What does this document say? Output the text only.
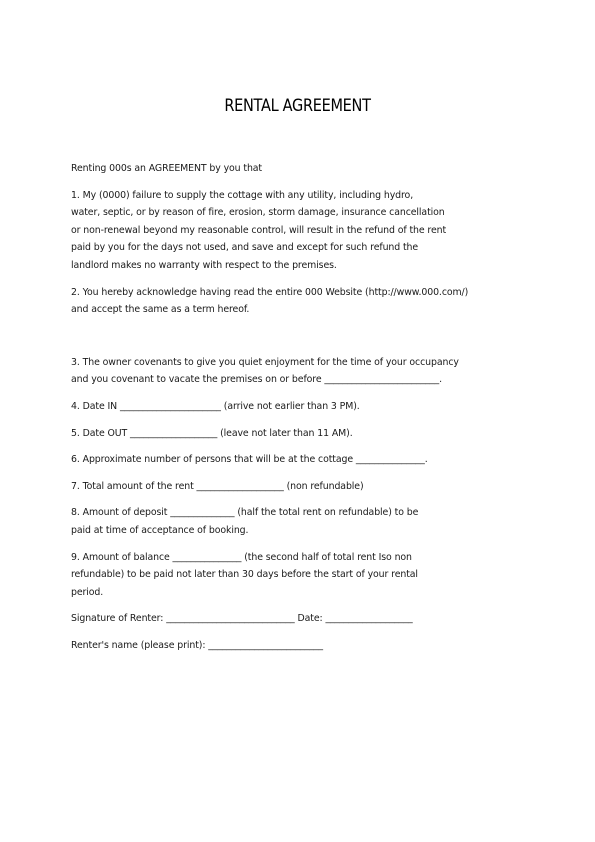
RENTAL AGREEMENT

Renting 000s an AGREEMENT by you that

1. My (0000) failure to supply the cottage with any utility, including hydro,

water, septic, or by reason of fire, erosion, storm damage, insurance cancellation

or non-renewal beyond my reasonable control, will result in the refund of the rent

paid by you for the days not used, and save and except for such refund the

landlord makes no warranty with respect to the premises.

2. You hereby acknowledge having read the entire 000 Website (http://www.000.com/)

and accept the same as a term hereof.

3. The owner covenants to give you quiet enjoyment for the time of your occupancy

and you covenant to vacate the premises on or before _________________________.

4. Date IN ______________________ (arrive not earlier than 3 PM).

5. Date OUT ___________________ (leave not later than 11 AM).

6. Approximate number of persons that will be at the cottage _______________.

7. Total amount of the rent ___________________ (non refundable)

8. Amount of deposit ______________ (half the total rent on refundable) to be

paid at time of acceptance of booking.

9. Amount of balance _______________ (the second half of total rent Iso non

refundable) to be paid not later than 30 days before the start of your rental

period.

Signature of Renter: ____________________________ Date: ___________________

Renter's name (please print): _________________________
